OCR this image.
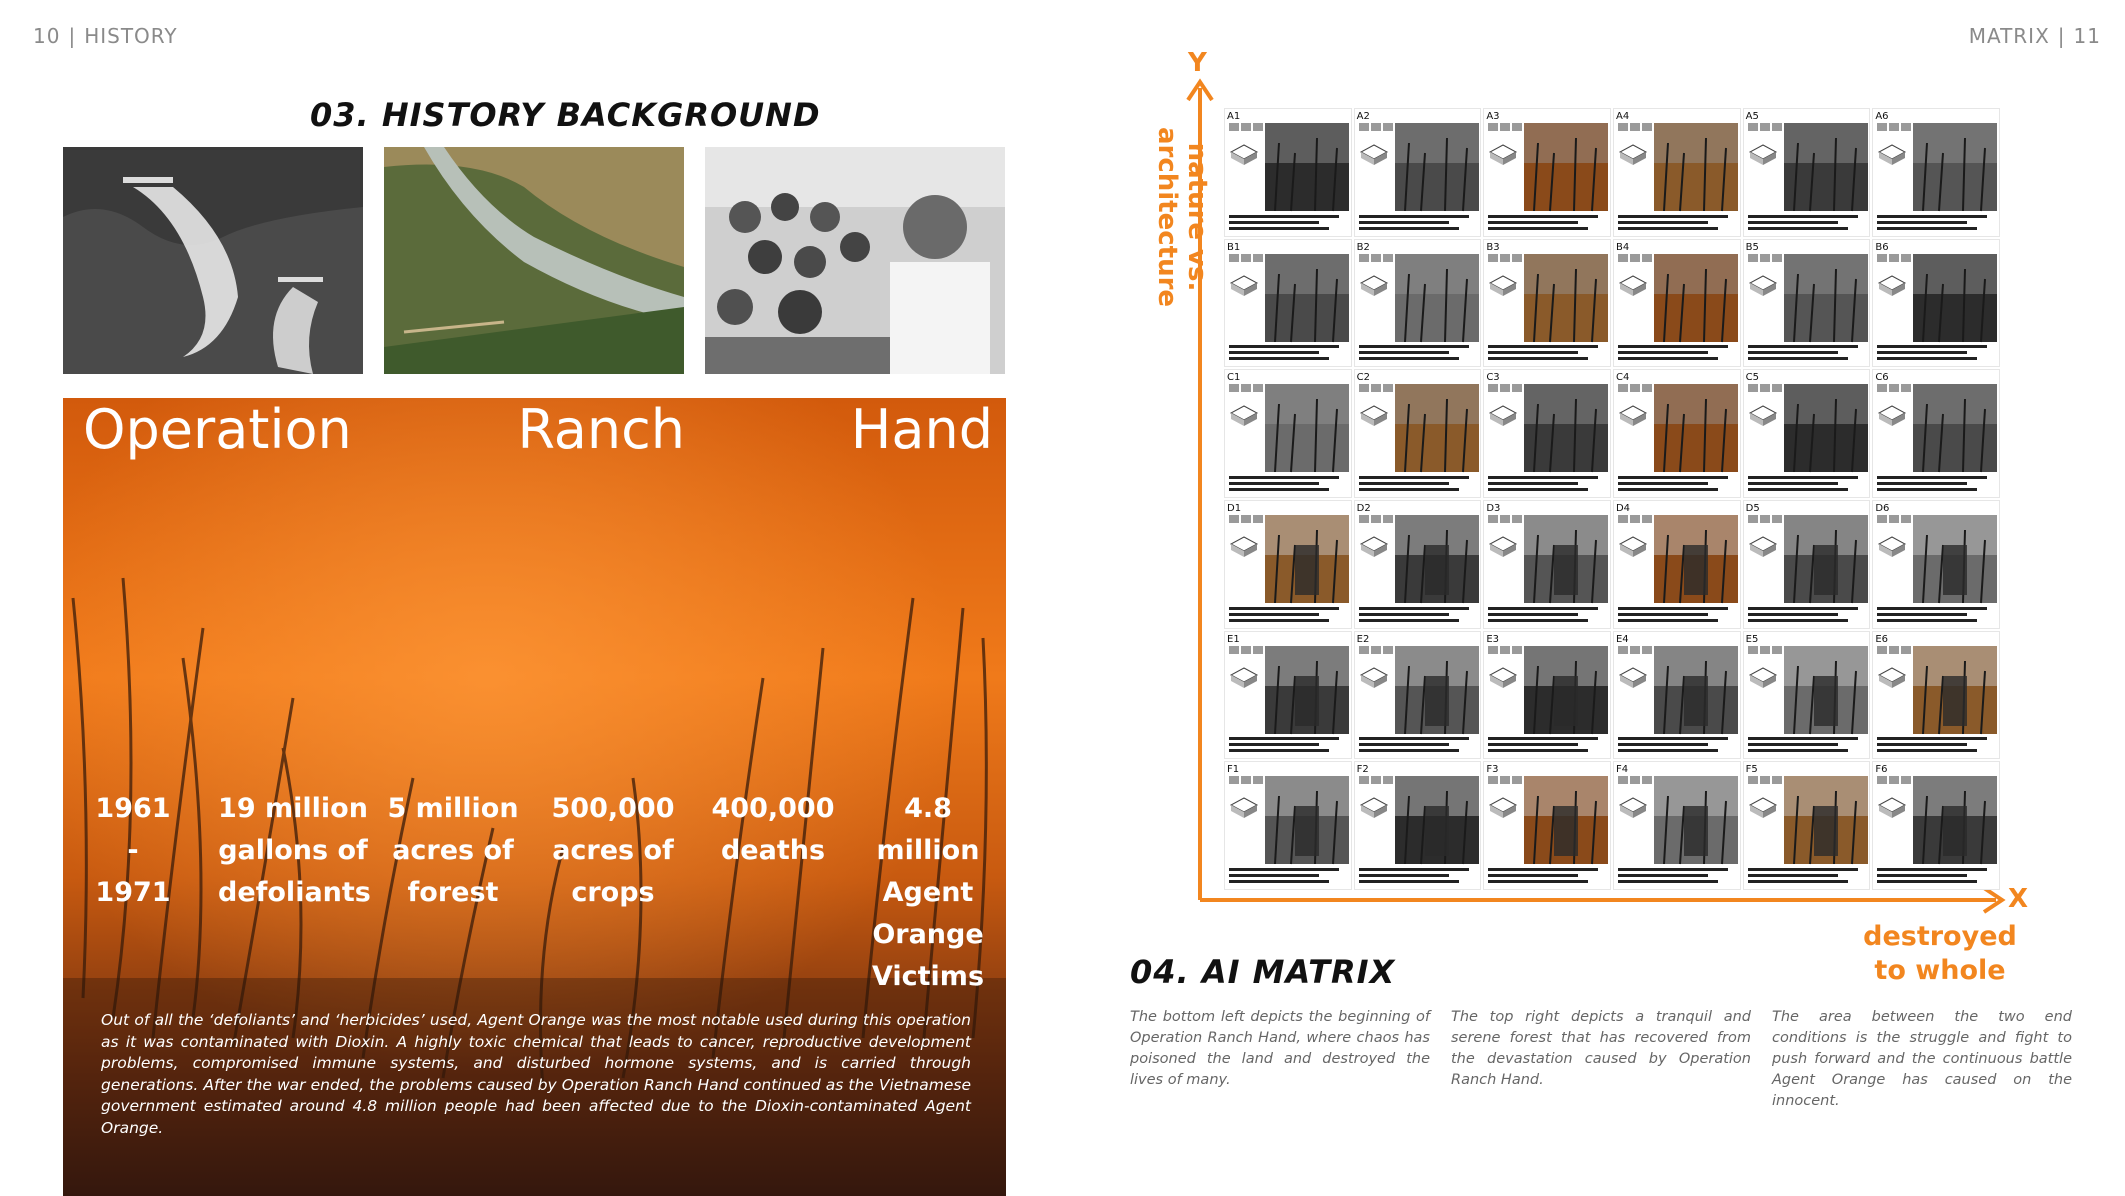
10 | HISTORY	MATRIX | 11
03. HISTORY BACKGROUND
Operation	Ranch	Hand
1961
-
1971
19 million
gallons of
defoliants
5 million
acres of
forest
500,000
acres of
crops
400,000
deaths
4.8
million
Agent
Orange
Victims
Out of all the ‘defoliants’ and ‘herbicides’ used, Agent Orange was the most notable used during this operation as it was contaminated with Dioxin. A highly toxic chemical that leads to cancer, reproductive development problems, compromised immune systems, and disturbed hormone systems, and is carried through generations. After the war ended, the problems caused by Operation Ranch Hand continued as the Vietnamese government estimated around 4.8 million people had been affected due to the Dioxin-contaminated Agent Orange.
Y
X
nature vs.
architecture
destroyed
to whole
A1	A2	A3	A4	A5	A6
B1	B2	B3	B4	B5	B6
C1	C2	C3	C4	C5	C6
D1	D2	D3	D4	D5	D6
E1	E2	E3	E4	E5	E6
F1	F2	F3	F4	F5	F6
04. AI MATRIX
The bottom left depicts the beginning of Operation Ranch Hand, where chaos has poisoned the land and destroyed the lives of many.
The top right depicts a tranquil and serene forest that has recovered from the devastation caused by Operation Ranch Hand.
The area between the two end conditions is the struggle and fight to push forward and the continuous battle Agent Orange has caused on the innocent.
